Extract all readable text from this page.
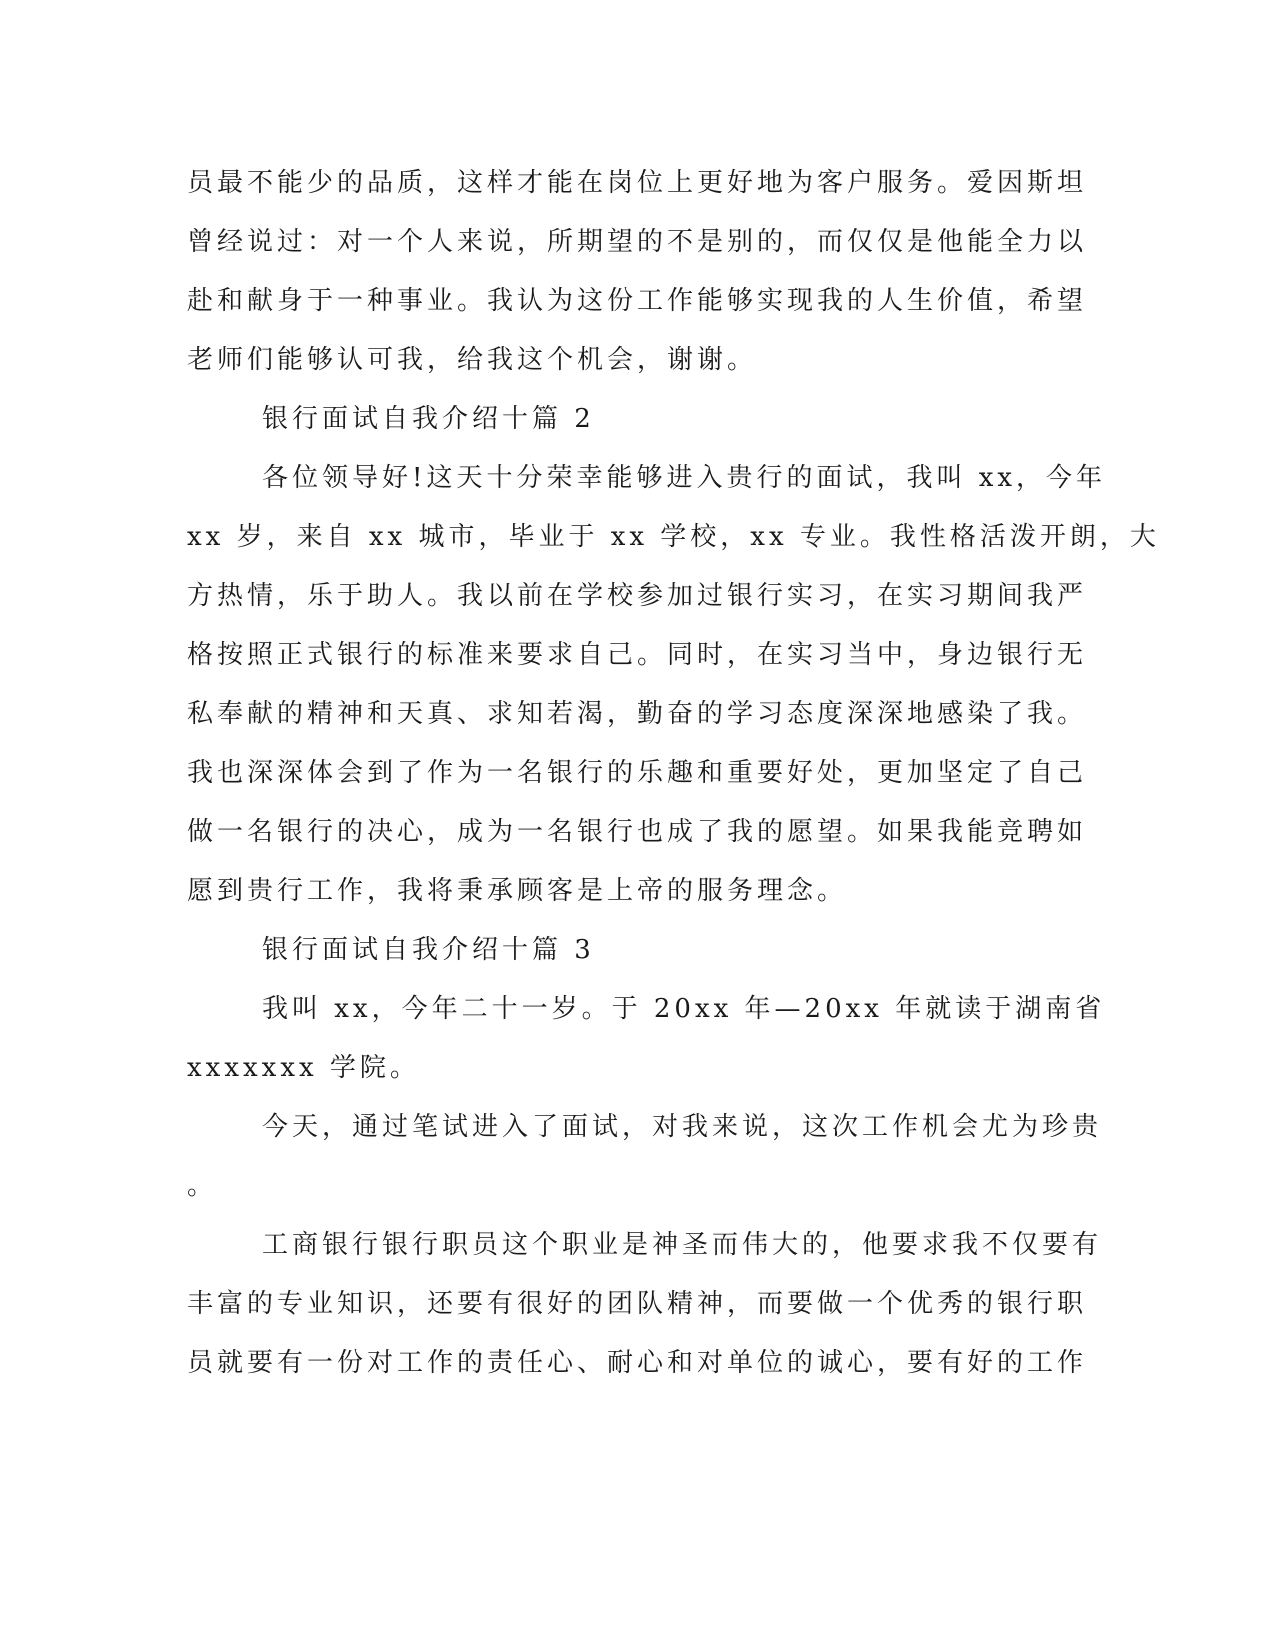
员最不能少的品质，这样才能在岗位上更好地为客户服务。爱因斯坦
曾经说过：对一个人来说，所期望的不是别的，而仅仅是他能全力以
赴和献身于一种事业。我认为这份工作能够实现我的人生价值，希望
老师们能够认可我，给我这个机会，谢谢。
银行面试自我介绍十篇 2
各位领导好!这天十分荣幸能够进入贵行的面试，我叫 xx，今年
xx 岁，来自 xx 城市，毕业于 xx 学校，xx 专业。我性格活泼开朗，大
方热情，乐于助人。我以前在学校参加过银行实习，在实习期间我严
格按照正式银行的标准来要求自己。同时，在实习当中，身边银行无
私奉献的精神和天真、求知若渴，勤奋的学习态度深深地感染了我。
我也深深体会到了作为一名银行的乐趣和重要好处，更加坚定了自己
做一名银行的决心，成为一名银行也成了我的愿望。如果我能竞聘如
愿到贵行工作，我将秉承顾客是上帝的服务理念。
银行面试自我介绍十篇 3
我叫 xx，今年二十一岁。于 20xx 年—20xx 年就读于湖南省
xxxxxxx 学院。
今天，通过笔试进入了面试，对我来说，这次工作机会尤为珍贵
。
工商银行银行职员这个职业是神圣而伟大的，他要求我不仅要有
丰富的专业知识，还要有很好的团队精神，而要做一个优秀的银行职
员就要有一份对工作的责任心、耐心和对单位的诚心，要有好的工作
